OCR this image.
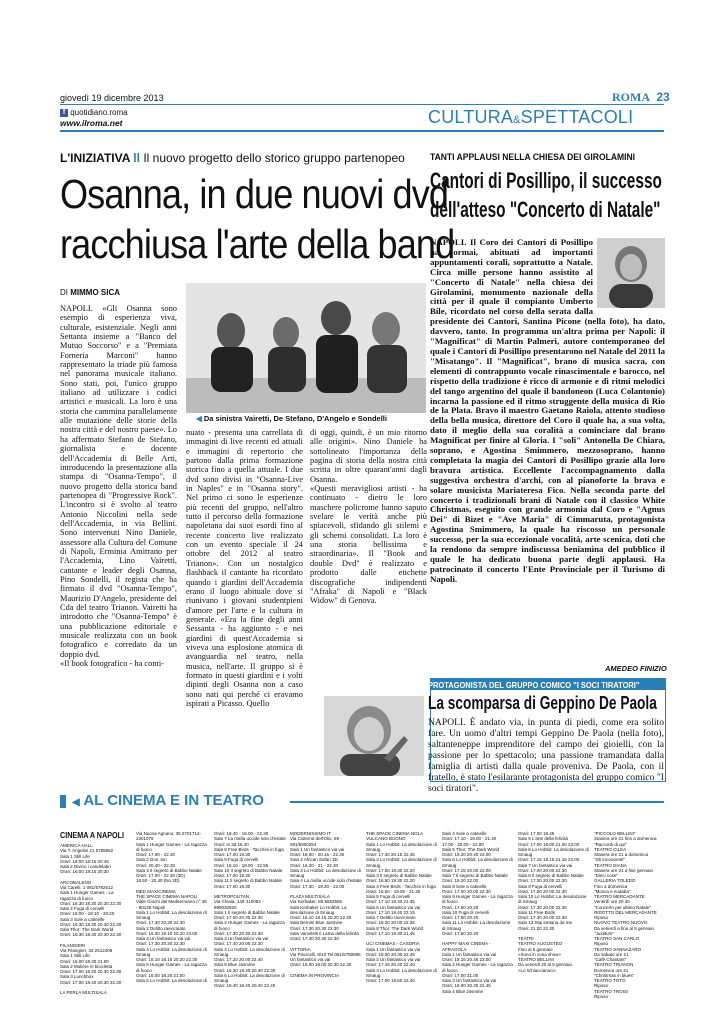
giovedì 19 dicembre 2013	ROMA 23
f quotidiano.roma
www.ilroma.net	CULTURA&SPETTACOLI
L'INIZIATIVA ll Il nuovo progetto dello storico gruppo partenopeo
Osanna, in due nuovi dvd
racchiusa l'arte della band
DI MIMMO SICA
◀ Da sinistra Vairetti, De Stefano, D'Angelo e Sondelli
NAPOLI. «Gli Osanna sono esempio di esperienza viva, culturale, esistenziale. Negli anni Settanta insieme a "Banco del Mutuo Soccorso" e a "Premiata Forneria Marconi" hanno rappresentato la triade più famosa nel panorama musicale italiano. Sono stati, poi, l'unico gruppo italiano ad utilizzare i codici artistici e musicali. La loro è una storia che cammina parallelamente alle mutazione delle storie della nostra città e del nostro paese». Lo ha affermato Stefano de Stefano, giornalista e docente dell'Accademia di Belle Arti, introducendo la presentazione alla stampa di "Osanna-Tempo", il nuovo progetto della storica band partenopea di "Progressive Rock". L'incontro si è svolto al teatro Antonio Niccolini nella sede dell'Accademia, in via Bellini. Sono intervenuti Nino Daniele, assessore alla Cultura del Comune di Napoli, Erminia Amitrano per l'Accademia, Lino Vairetti, cantante e leader degli Osanna, Pino Sondelli, il regista che ha firmato il dvd "Osanna-Tempo", Maurizio D'Angelo, presidente del Cda del teatro Trianon. Vairetti ha introdotto che "Osanna-Tempo" è una pubblicazione editoriale e musicale realizzata con un book fotografico e corredato da un doppio dvd.
«Il book fotografico - ha conti-
nuato - presenta una carrellata di immagini di live recenti ed attuali e immagini di repertorio che partono dalla prima formazione storica fino a quella attuale. I due dvd sono divisi in "Osanna-Live in Naples" e in "Osanna story". Nel primo ci sono le esperienze più recenti del gruppo, nell'altro tutto il percorso della formazione napoletana dai suoi esordi fino al recente concerto live realizzato con un evento speciale il 24 ottobre del 2012 al teatro Trianon». Con un nostalgico flashback il cantante ha ricordato quando i giardini dell'Accademia erano il luogo abituale dove si riunivano i giovani studentpieni d'amore per l'arte e la cultura in generale. «Era la fine degli anni Sessanta - ha aggiunto - e nei giardini di quest'Accademia si viveva una esplosione atomica di avanguardia nel teatro, nella musica, nell'arte. Il gruppo si è formato in questi giardini e i volti dipinti degli Osanna non a caso sono nati qui perché ci eravamo ispirati a Picasso. Quello
di oggi, quindi, è un mio ritorno alle origini». Nino Daniele ha sottolineato l'importanza della pagina di storia della nostra città scritta in oltre quarant'anni dagli Osanna.
«Questi meravigliosi artisti - ha continuato - dietro le loro maschere policrome hanno saputo svelare le verità anche più spiacevoli, sfidando gli stilemi e gli schemi consolidati. La loro è una storia bellissima e straordinaria». Il "Book and double Dvd" è realizzato e prodotto dalle etichette discografiche indipendenti "Afraka" di Napoli e "Black Widow" di Genova.
TANTI APPLAUSI NELLA CHIESA DEI GIROLAMINI
Cantori di Posillipo, il successo
dell'atteso "Concerto di Natale"
NAPOLI. Il Coro dei Cantori di Posillipo ha, ormai, abituati ad importanti appuntamenti corali, soprattutto a Natale. Circa mille persone hanno assistito al "Concerto di Natale" nella chiesa dei Girolamini, monumento nazionale della città per il quale il compianto Umberto Bile, ricordato nel corso della serata dalla presidente dei Cantori, Santina Picone (nella foto), ha dato, davvero, tanto. In programma un'altra prima per Napoli: il "Magnificat" di Martin Palmeri, autore contemporaneo del quale i Cantori di Posillipo presentarono nel Natale del 2011 la "Misatango". Il "Magnificat", brano di musica sacra, con elementi di contrappunto vocale rinascimentale e barocco, nel rispetto della tradizione è ricco di armonie e di ritmi melodici del tango argentino del quale il bandoneon (Luca Colantonio) incarna la passione ed il ritmo struggente della musica di Rio de la Plata. Bravo il maestro Gaetano Raiola, attento studioso della bella musica, direttore del Coro il quale ha, a sua volta, dato il meglio della sua coralità a cominciare dal brano Magnificat per finire al Gloria. I "soli" Antonella De Chiara, soprano, e Agostina Smimmero, mezzosoprano, hanno completata la magia dei Cantori di Posillipo grazie alla loro bravura artistica. Eccellente l'accompagnamento dalla suggestiva orchestra d'archi, con al pianoforte la brava e solare musicista Mariateresa Fico. Nella seconda parte del concerto i tradizionali brani di Natale con il classico White Christmas, eseguito con grande armonia dal Coro e "Agnus Dei" di Bizet e "Ave Maria" di Cimmaruta, protagonista Agostina Smimmero, la quale ha riscosso un personale successo, per la sua eccezionale vocalità, arte scenica, doti che la rendono da sempre indiscussa beniamina del pubblico il quale le ha dedicato buona parte degli applausi. Ha patrocinato il concerto l'Ente Provinciale per il Turismo di Napoli.
AMEDEO FINIZIO
PROTAGONISTA DEL GRUPPO COMICO "I SOCI TIRATORI"
La scomparsa di Geppino De Paola
NAPOLI. È andato via, in punta di piedi, come era solito fare. Un uomo d'altri tempi Geppino De Paola (nella foto), saltanteneppe imprenditore del campo dei gioielli, con la passione per lo spettacolo; una passione tramandata dalla famiglia di artisti dalla quale proveniva. De Paola, con il fratello, è stato l'esilarante protagonista del gruppo comico "I soci tiratori".
◀ AL CINEMA E IN TEATRO
CINEMA A NAPOLI
AMERICA HALL
Via T. Angelini 21 5788962
Sala 1 Still Life
Orari: 16:00 18:15 20:45
Sala 2 Divino i candelabri
Orari: 16:00 18:15 20:30

ARCOBALENO
Via Carelli, 1 081/5782612
Sala 1 Hunger Games - La ragazza di fuoco
Orari: 16.30 18.30 20.30 22.30
Sala 2 Fuga di cervelli
Orari: 16:00 - 18:10 - 20:20
Sala 3 Sole a catinelle
Orari: 16.30 18.30 20.30 22.30
Sala Thor: The Dark World
Orari: 16.30 18.30 20.30 22.30

FILANGIERI
Via Filangieri, 43 2512408
Sala 1 Still Life
Orari: 16.00 18.30 21.00
Sala 2 Molière in bicicletta
Orari: 17.00 18.40 20.30 22.30
Sala 3 Lunchbox
Orari: 17.00 18.40 20.30 22.30

LA PERLA MULTISALA
Via Nuova Agnano, 35 5701712-2301079
Sala 1 Hunger Games - La ragazza di fuoco
Orari: 17.00 - 22.30
Sala 2 Don Jon
Orari: 20.40 - 22.30
Sala 3 Il segreto di Babbo Natale
Orari: 17.00 - 22.30 (3D)
18.50 - 20.40 (No 3D)

MED MAXICINEMA
THE SPACE CINEMA NAPOLI
Viale Giochi del Mediterraneo n° 46 - 80125 Napoli
Sala 1 Lo Hobbit: La desolazione di Smaug
Orari: 17.30 20.30 22.30
Sala 2 Delitto ravvicinato
Orari: 15.30 18.10 20.20 23.00
Sala 3 Un fantastico via vai
Orari: 17.30 20.30 22.30
Sala 4 Lo Hobbit: La desolazione di Smaug
Orari: 16.10 18.15 20.20 22.30
Sala 5 Hunger Games - La ragazza di fuoco
Orari: 16.00 18.20 21.00
Sala 6 Lo Hobbit: La desolazione di
Orari: 18.40 - 18.00 - 22.30
Sala 7 La mafia uccide solo d'estate
Orari: in 3d 15.40
Sala 8 Free Birds - Tacchini in fuga
Orari: 17.00 19.30
Sala 9 Fuga di cervelli
Orari: 16.10 - 18.00 - 22.55
Sala 10 Il segreto di Babbo Natale
Orari: 17.00 19.30
Sala 11 Il segreto di Babbo Natale
Orari: 17.00 19.30

METROPOLITAN
Via Chiaia, 149 410062 - 899030820
Sala 1 Il segreto di Babbo Natale
Orari: 17.00 20.30 22.30
Sala 2 Hunger Games - La ragazza di fuoco
Orari: 17.30 20.30 22.30
Sala 3 Un fantastico via vai
Orari: 17.40 20.00 22.30
Sala 4 Lo Hobbit: La desolazione di Smaug
Orari: 17.20 20.00 22.40
Sala 5 Blue Jasmine
Orari: 16.30 18.30 20.30 22.30
Sala 6 Lo Hobbit: La desolazione di Smaug
Orari: 16.40 18.40 20.40 22.40
MODERNISSIMO.IT
Via Cisterna dell'Olio, 59 - 081/5800254
Sala 1 Un fantastico via vai
Orari: 18.00 - 20.15 - 22.30
Sala 2 African Safari 3D
Orari: 16.20 - 21 - 22.30
Sala 3 Lo Hobbit: La desolazione di Smaug
Sala 4 La mafia uccide solo d'estate
Orari: 17.30 - 19.30 - 22.00

PLAZA MULTISALA
Via Kerbaker, 85 5563555
Sala Kerbaker Lo Hobbit: La desolazione di Smaug
Orari: 16.10 18.15 20.20 22.30
Sala Bernini Blue Jasmine
Orari: 17.30 20.30 22.30
Sala Vanvitelli Il Lama della felicità
Orari: 17.30 20.30 22.30

VITTORIA
Via Piscicelli, 8/10 Tel.081/5780995
Un fantastico via vai
Orari: 16.00 18.00 20.30 22.30

CINEMA IN PROVINCIA
THE SPACE CINEMA NOLA
VULCANO BUONO
Sala 1 Lo Hobbit: La desolazione di Smaug
Orari: 17.40 20.15 22.45
Sala 2 Lo Hobbit: La desolazione di Smaug
Orari: 17.00 19.30 22.20
Sala 3 Il segreto di Babbo Natale
Orari: 16.50 19.30 22.20
Sala 4 Free Birds - Tacchini in fuga
Orari: 16.50 - 19.05 - 21.30
Sala 5 Fuga di cervelli
Orari: 17.10 19.30 21.45
Sala 6 Un fantastico via vai
Orari: 17.10 19.40 22.15
Sala 7 Delitto ravvicinato
Orari: 18.00 20.00 22.35
Sala 8 Thor: The Dark World
Orari: 17.10 19.30 21.45

UCI CINEMAS - CASORIA
Sala 1 Un fantastico via vai
Orari: 18.00 20.30 22.45
Sala 2 Un fantastico via vai
Orari: 17.15 20.20 22.40
Sala 3 Lo Hobbit: La desolazione di Smaug
Orari: 17.00 19.50 22.40
Sala 4 Sole a catinelle
Orari: 17.10 - 19.00 - 21.40
17.00 - 20.00 - 22.00
Sala 5 Thor: The Dark World
Orari: 18.20 20.40 23.00
Sala 6 Lo Hobbit: La desolazione di Smaug
Orari: 17.15 20.00 22.00
Sala 7 Il segreto di Babbo Natale
Orari: 19.20 22.00
Sala 8 Sole a catinelle
Orari: 17.00 20.00 22.30
Sala 9 Hunger Games - La ragazza di fuoco
Orari: 17.50 20.20
Sala 10 Fuga di cervelli
Orari: 17.50 20.20
Sala 11 Lo Hobbit: La desolazione di Smaug
Orari: 17.50 20.20

HAPPY MAXI CINEMA - AFRAGOLA
Sala 1 Un fantastico via vai
Orari: 18.15 20.45 23.00
Sala 2 Hunger Games - La ragazza di fuoco
Orari: 17.00 21.00
Sala 3 Un fantastico via vai
Orari: 18.00 20.30 22.45
Sala 4 Blue Jasmine
Orari: 17.00 18.45
Sala 5 L'arte della felicità
Orari: 17.00 18.00 21.00 23.00
Sala 6 Lo Hobbit: La desolazione di Smaug
Orari: 17.15 19.15 21.15 23.00
Sala 7 Un fantastico via vai
Orari: 17.00 20.00 22.30
Sala 8 Il segreto di Babbo Natale
Orari: 17.30 20.00 22.30
Sala 9 Fuga di cervelli
Orari: 17.00 20.00 22.30
Sala 10 Lo Hobbit: La desolazione di Smaug
Orari: 17.30 20.00 22.30
Sala 11 Free Birds
Orari: 17.30 20.00 22.30
Sala 13 Stai lontana da me
Orari: 21.00 22.30

TEATRI
TEATRO AUGUSTEO
Fino al 5 gennaio
«Sono in zona show»
TEATRO BELLINI
Da venerdì 20 al 5 gennaio
«Lo schiaccianoci»
"PICCOLO BELLINI"
Stasera ore 21 fino a domenica
"Racconti di qui"
TEATRO CILEA
Stasera ore 21 a domenica
"Gli incoscienti"
TEATRO DIANA
Stasera ore 21 a fine gennaio
"Dieci cose"
GALLERIA TOLEDO
Fino a domenica
"Mosca e nodaba"
TEATRO MERCADANTE
Venerdì ore 20.30
"Concerto per ultimo Natale"
RIDOTTO DEL MERCADANTE
Riposo
NUOVO TEATRO NUOVO
Da venerdì a fino al 5 gennaio
"Juxtitum"
TEATRO SAN CARLO
Riposo
TEATRO SANNAZARO
Da sabato ore 21
"Cafè Chantant"
TEATRO TRIANON
Domenica ore 21
"Christmas in blues"
TEATRO TOTÒ
Riposo
TEATRO TROISI
Riposo
